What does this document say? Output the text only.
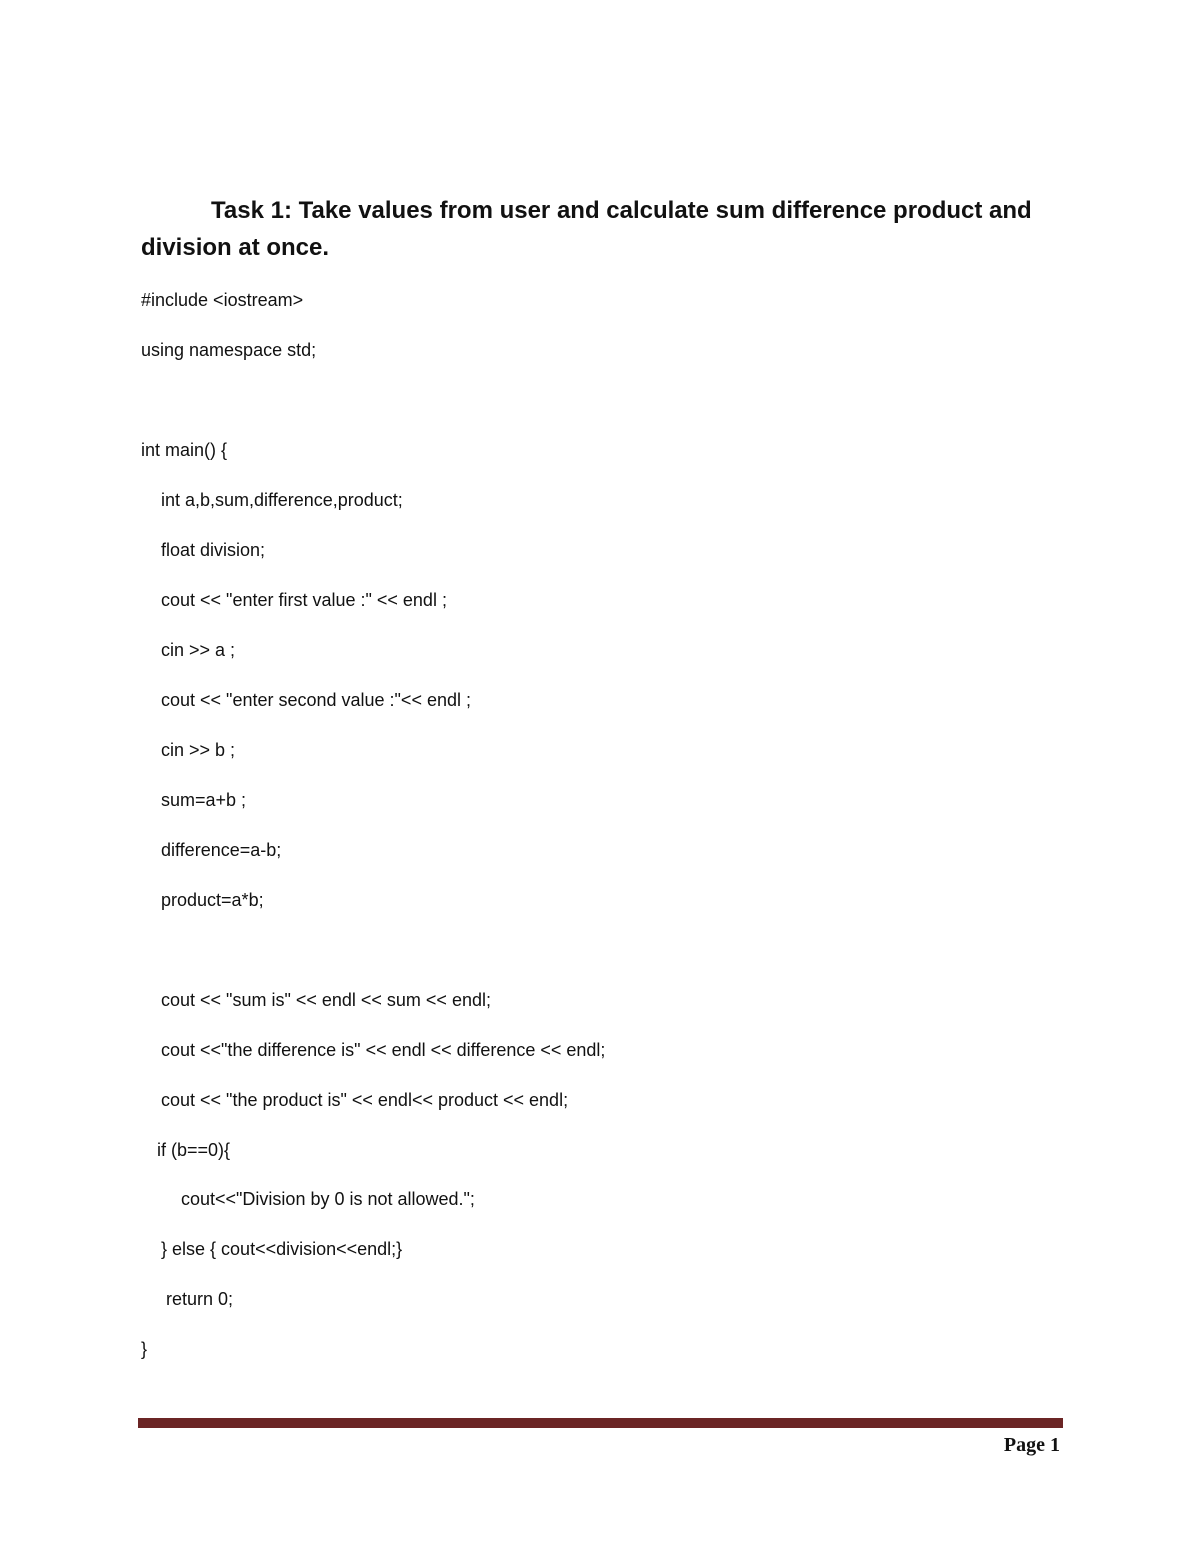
Task 1: Take values from user and calculate sum difference product and division at once.
#include <iostream>
using namespace std;
int main() {
int a,b,sum,difference,product;
float division;
cout << "enter first value :" << endl ;
cin >> a ;
cout << "enter second value :"<< endl ;
cin >> b ;
sum=a+b ;
difference=a-b;
product=a*b;
cout << "sum is" << endl << sum << endl;
cout <<"the difference is" << endl << difference << endl;
cout << "the product is" << endl<< product << endl;
if (b==0){
cout<<"Division by 0 is not allowed.";
} else { cout<<division<<endl;}
return 0;
}
Page 1
